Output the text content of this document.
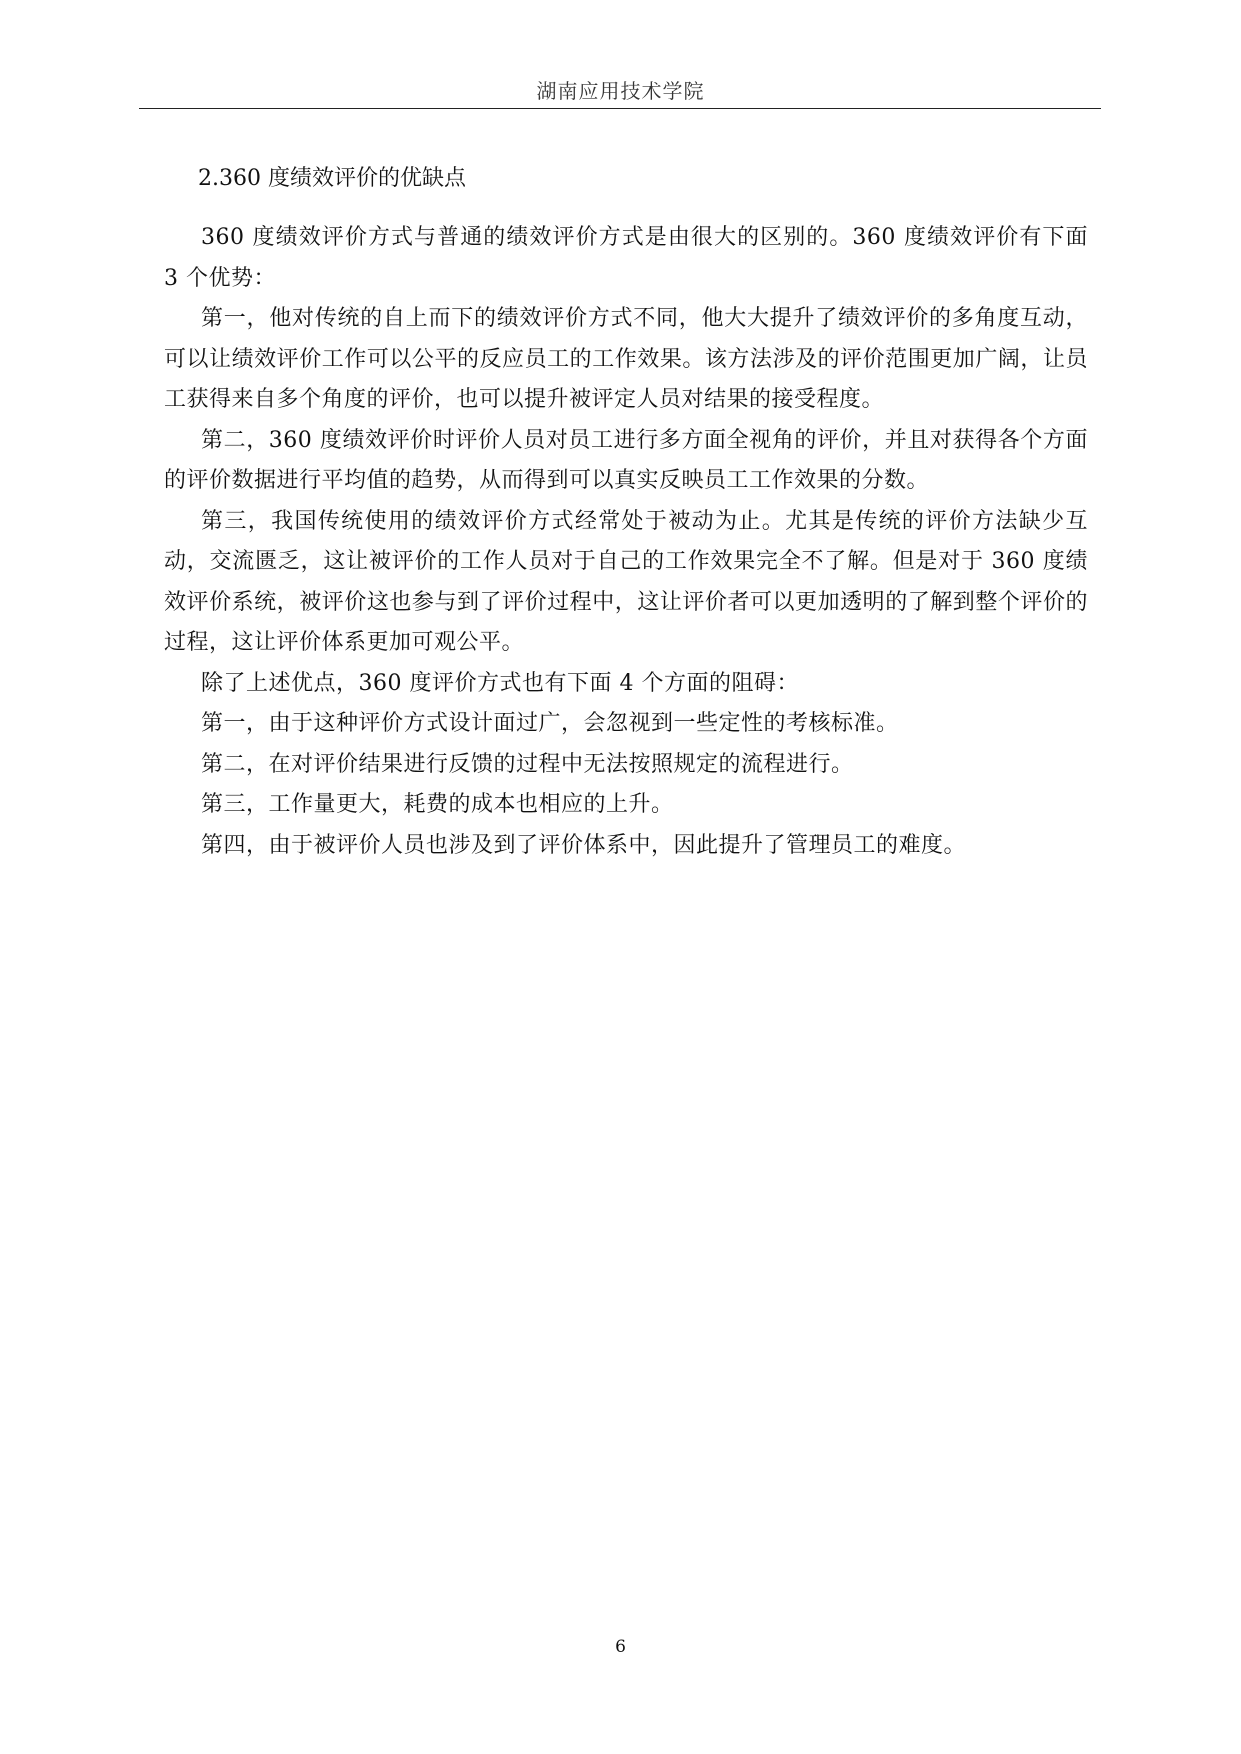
湖南应用技术学院
2.360 度绩效评价的优缺点

360 度绩效评价方式与普通的绩效评价方式是由很大的区别的。360 度绩效评价有下面 3 个优势：

第一，他对传统的自上而下的绩效评价方式不同，他大大提升了绩效评价的多角度互动，可以让绩效评价工作可以公平的反应员工的工作效果。该方法涉及的评价范围更加广阔，让员工获得来自多个角度的评价，也可以提升被评定人员对结果的接受程度。

第二，360 度绩效评价时评价人员对员工进行多方面全视角的评价，并且对获得各个方面的评价数据进行平均值的趋势，从而得到可以真实反映员工工作效果的分数。

第三，我国传统使用的绩效评价方式经常处于被动为止。尤其是传统的评价方法缺少互动，交流匮乏，这让被评价的工作人员对于自己的工作效果完全不了解。但是对于 360 度绩效评价系统，被评价这也参与到了评价过程中，这让评价者可以更加透明的了解到整个评价的过程，这让评价体系更加可观公平。

除了上述优点，360 度评价方式也有下面 4 个方面的阻碍：

第一，由于这种评价方式设计面过广，会忽视到一些定性的考核标准。

第二，在对评价结果进行反馈的过程中无法按照规定的流程进行。

第三，工作量更大，耗费的成本也相应的上升。

第四，由于被评价人员也涉及到了评价体系中，因此提升了管理员工的难度。

6
